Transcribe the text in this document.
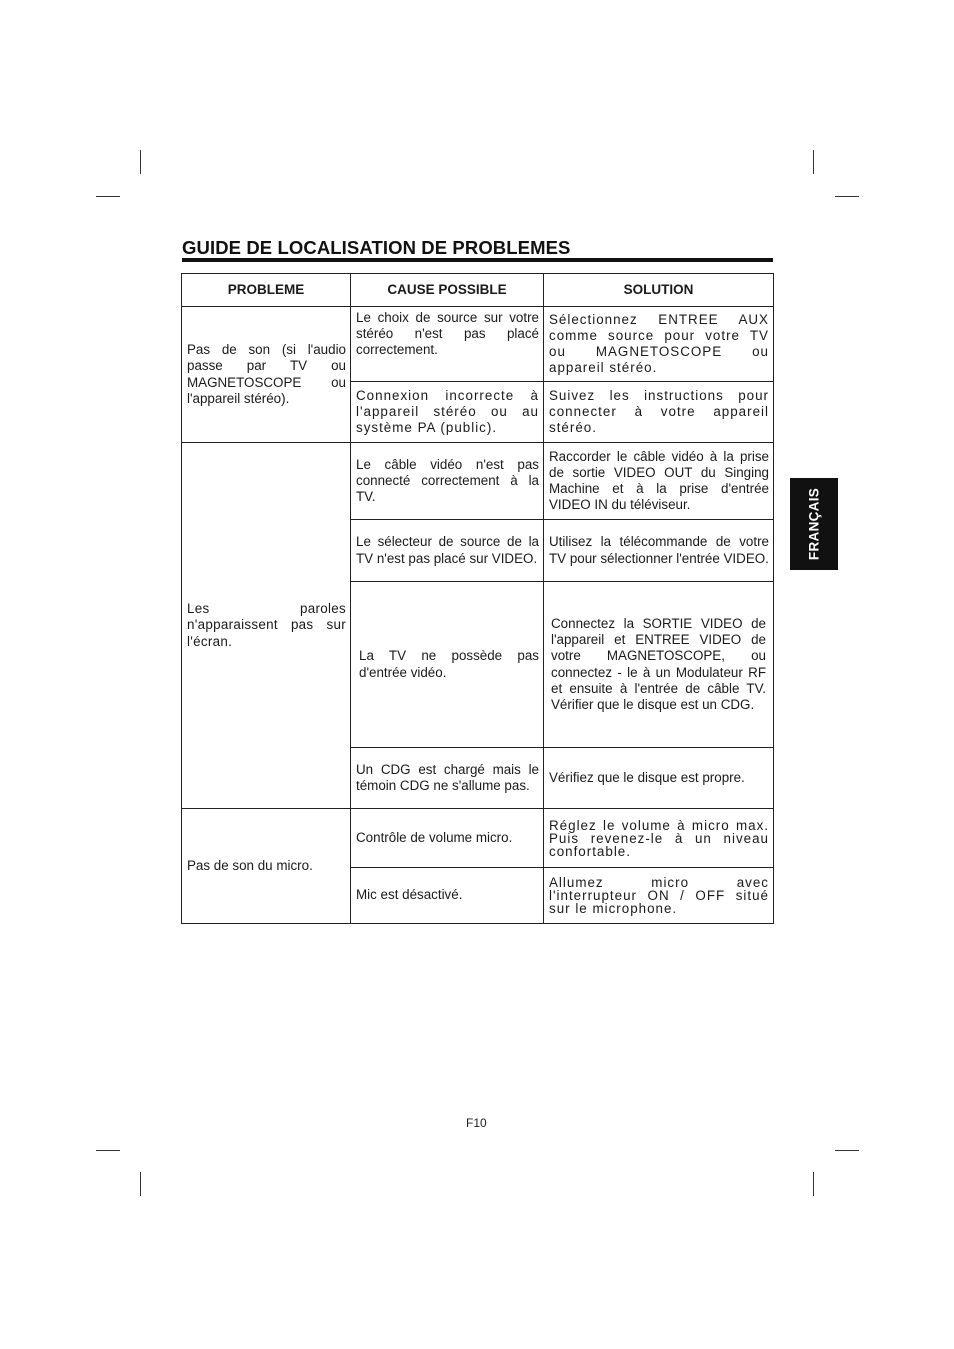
GUIDE DE LOCALISATION DE PROBLEMES
PROBLEME	CAUSE POSSIBLE	SOLUTION

Pas de son (si l'audio passe par TV ou MAGNETOSCOPE ou l'appareil stéréo).	Le choix de source sur votre stéréo n'est pas placé correctement.	Sélectionnez ENTREE AUX comme source pour votre TV ou MAGNETOSCOPE ou appareil stéréo.

	Connexion incorrecte à l'appareil stéréo ou au système PA (public).	Suivez les instructions pour connecter à votre appareil stéréo.

Les paroles n'apparaissent pas sur l'écran.	Le câble vidéo n'est pas connecté correctement à la TV.	Raccorder le câble vidéo à la prise de sortie VIDEO OUT du Singing Machine et à la prise d'entrée VIDEO IN du téléviseur.

	Le sélecteur de source de la TV n'est pas placé sur VIDEO.	Utilisez la télécommande de votre TV pour sélectionner l'entrée VIDEO.

	La TV ne possède pas d'entrée vidéo.	Connectez la SORTIE VIDEO de l'appareil et ENTREE VIDEO de votre MAGNETOSCOPE, ou connectez - le à un Modulateur RF et ensuite à l'entrée de câble TV. Vérifier que le disque est un CDG.

	Un CDG est chargé mais le témoin CDG ne s'allume pas.	Vérifiez que le disque est propre.

Pas de son du micro.	Contrôle de volume micro.	Réglez le volume à micro max. Puis revenez-le à un niveau confortable.

	Mic est désactivé.	Allumez micro avec l'interrupteur ON / OFF situé sur le microphone.
FRANÇAIS
F10
